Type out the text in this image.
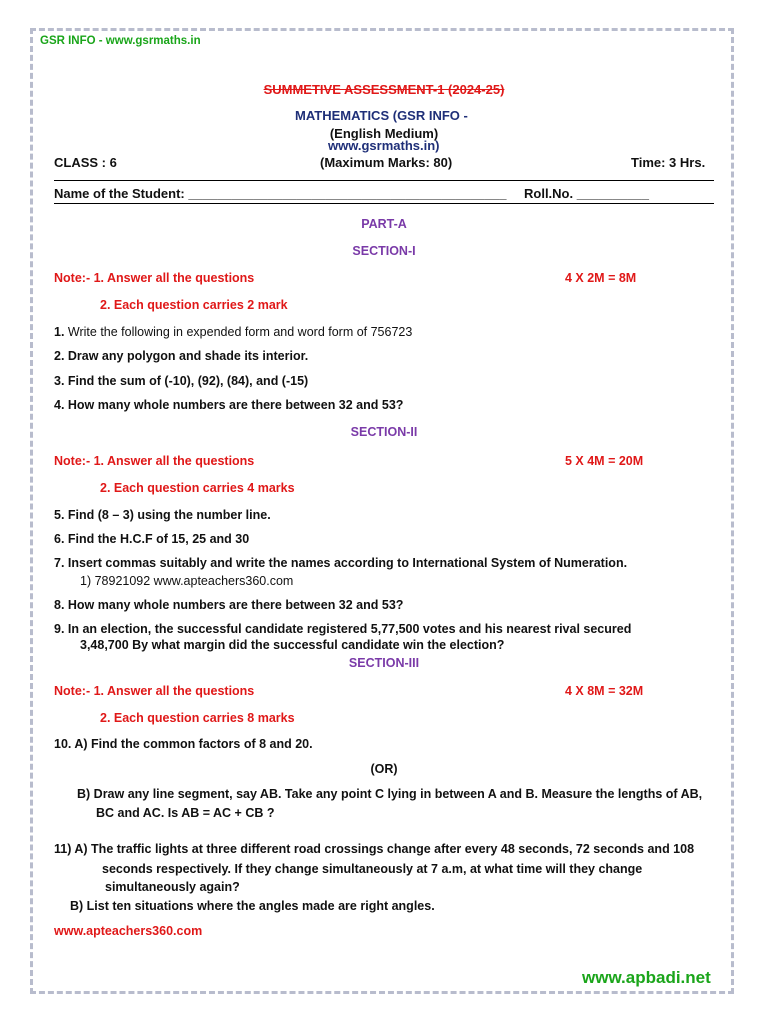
GSR INFO - www.gsrmaths.in
SUMMETIVE ASSESSMENT-1 (2024-25)
MATHEMATICS (GSR INFO -
(English Medium)
www.gsrmaths.in)
CLASS : 6	(Maximum Marks: 80)	Time: 3 Hrs.
Name of the Student: ____________________________________________ Roll.No. __________
PART-A
SECTION-I
Note:- 1. Answer all the questions	4 X 2M = 8M
2. Each question carries 2 mark
1. Write the following in expended form and word form of 756723
2. Draw any polygon and shade its interior.
3. Find the sum of (-10), (92), (84), and (-15)
4. How many whole numbers are there between 32 and 53?
SECTION-II
Note:- 1. Answer all the questions	5 X 4M = 20M
2. Each question carries 4 marks
5. Find (8 – 3) using the number line.
6. Find the H.C.F of 15, 25 and 30
7. Insert commas suitably and write the names according to International System of Numeration.
1) 78921092 www.apteachers360.com
8. How many whole numbers are there between 32 and 53?
9. In an election, the successful candidate registered 5,77,500 votes and his nearest rival secured
3,48,700 By what margin did the successful candidate win the election?
SECTION-III
Note:- 1. Answer all the questions	4 X 8M = 32M
2. Each question carries 8 marks
10. A) Find the common factors of 8 and 20.
(OR)
B) Draw any line segment, say AB. Take any point C lying in between A and B. Measure the lengths of AB,
BC and AC. Is AB = AC + CB ?
11) A) The traffic lights at three different road crossings change after every 48 seconds, 72 seconds and 108
seconds respectively. If they change simultaneously at 7 a.m, at what time will they change
simultaneously again?
B) List ten situations where the angles made are right angles.
www.apteachers360.com
www.apbadi.net
